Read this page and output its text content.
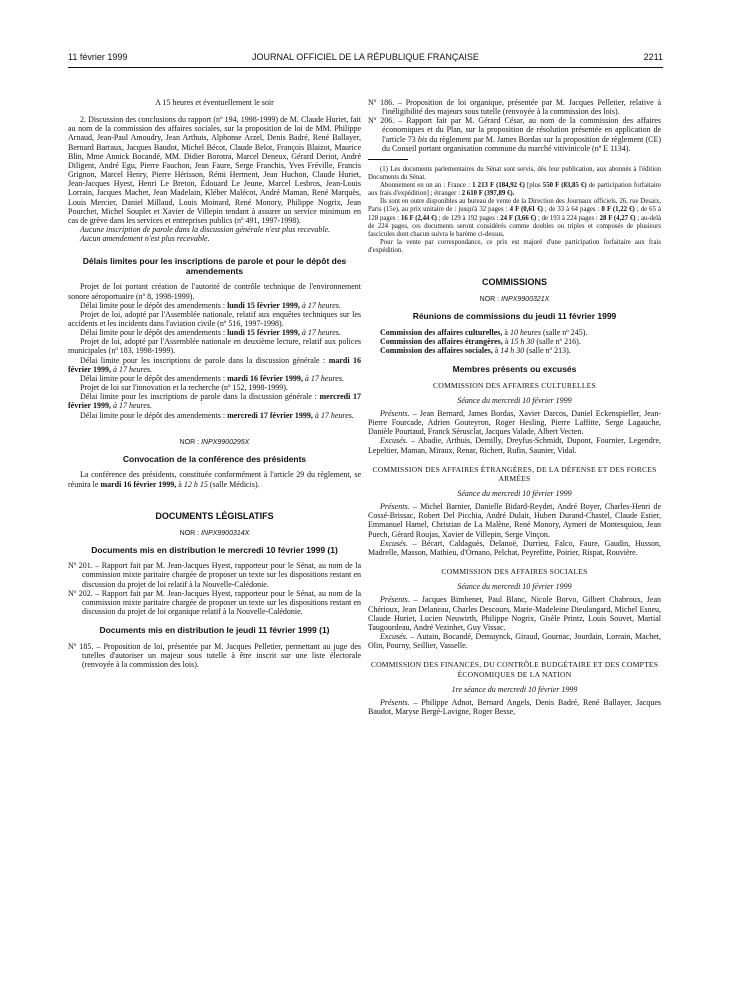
11 février 1999	JOURNAL OFFICIEL DE LA RÉPUBLIQUE FRANÇAISE	2211

A 15 heures et éventuellement le soir

2. Discussion des conclusions du rapport (nº 194, 1998-1999) de M. Claude Huriet, fait au nom de la commission des affaires sociales, sur la proposition de loi de MM. Philippe Arnaud, Jean-Paul Amoudry, Jean Arthuis, Alphonse Arzel, Denis Badré, René Ballayer, Bernard Barraux, Jacques Baudot, Michel Bécot, Claude Belot, François Blaizot, Maurice Blin, Mme Annick Bocandé, MM. Didier Borotra, Marcel Deneux, Gérard Deriot, André Diligent, André Egu, Pierre Fauchon, Jean Faure, Serge Franchis, Yves Fréville, Francis Grignon, Marcel Henry, Pierre Hérisson, Rémi Herment, Jean Huchon, Claude Huriet, Jean-Jacques Hyest, Henri Le Breton, Édouard Le Jeune, Marcel Lesbros, Jean-Louis Lorrain, Jacques Machet, Jean Madelain, Kléber Malécot, André Maman, René Marquès, Louis Mercier, Daniel Millaud, Louis Moinard, René Monory, Philippe Nogrix, Jean Pourchet, Michel Souplet et Xavier de Villepin tendant à assurer un service minimum en cas de grève dans les services et entreprises publics (nº 491, 1997-1998).

Aucune inscription de parole dans la discussion générale n'est plus recevable.

Aucun amendement n'est plus recevable.

Délais limites pour les inscriptions de parole et pour le dépôt des amendements

Projet de loi portant création de l'autorité de contrôle technique de l'environnement sonore aéroportuaire (nº 8, 1998-1999).

Délai limite pour le dépôt des amendements : lundi 15 février 1999, à 17 heures.

Projet de loi, adopté par l'Assemblée nationale, relatif aux enquêtes techniques sur les accidents et les incidents dans l'aviation civile (nº 516, 1997-1998).

Délai limite pour le dépôt des amendements : lundi 15 février 1999, à 17 heures.

Projet de loi, adopté par l'Assemblée nationale en deuxième lecture, relatif aux polices municipales (nº 183, 1998-1999).

Délai limite pour les inscriptions de parole dans la discussion générale : mardi 16 février 1999, à 17 heures.

Délai limite pour le dépôt des amendements : mardi 16 février 1999, à 17 heures.

Projet de loi sur l'innovation et la recherche (nº 152, 1998-1999).

Délai limite pour les inscriptions de parole dans la discussion générale : mercredi 17 février 1999, à 17 heures.

Délai limite pour le dépôt des amendements : mercredi 17 février 1999, à 17 heures.

NOR : INPX9900295X
Convocation de la conférence des présidents

La conférence des présidents, constituée conformément à l'article 29 du règlement, se réunira le mardi 16 février 1999, à 12 h 15 (salle Médicis).

DOCUMENTS LÉGISLATIFS
NOR : INPX9900314X
Documents mis en distribution le mercredi 10 février 1999 (1)

Nº 201. – Rapport fait par M. Jean-Jacques Hyest, rapporteur pour le Sénat, au nom de la commission mixte paritaire chargée de proposer un texte sur les dispositions restant en discussion du projet de loi relatif à la Nouvelle-Calédonie.

Nº 202. – Rapport fait par M. Jean-Jacques Hyest, rapporteur pour le Sénat, au nom de la commission mixte paritaire chargée de proposer un texte sur les dispositions restant en discussion du projet de loi organique relatif à la Nouvelle-Calédonie.

Documents mis en distribution le jeudi 11 février 1999 (1)

Nº 185. – Proposition de loi, présentée par M. Jacques Pelletier, permettant au juge des tutelles d'autoriser un majeur sous tutelle à être inscrit sur une liste électorale (renvoyée à la commission des lois).

Nº 186. – Proposition de loi organique, présentée par M. Jacques Pelletier, relative à l'inéligibilité des majeurs sous tutelle (renvoyée à la commission des lois).

Nº 206. – Rapport fait par M. Gérard César, au nom de la commission des affaires économiques et du Plan, sur la proposition de résolution présentée en application de l'article 73 bis du règlement par M. James Bordas sur la proposition de règlement (CE) du Conseil portant organisation commune du marché vitivinicole (nº E 1134).

(1) Les documents parlementaires du Sénat sont servis, dès leur publication, aux abonnés à l'édition Documents du Sénat.

Abonnement en un an : France : 1 213 F (184,92 €) [plus 550 F (83,85 €) de participation forfaitaire aux frais d'expédition] ; étranger : 2 610 F (397,89 €).

Ils sont en outre disponibles au bureau de vente de la Direction des Journaux officiels, 26, rue Desaix, Paris (15e), au prix unitaire de : jusqu'à 32 pages : 4 F (0,61 €) ; de 33 à 64 pages : 8 F (1,22 €) ; de 65 à 128 pages : 16 F (2,44 €) ; de 129 à 192 pages : 24 F (3,66 €) ; de 193 à 224 pages : 28 F (4,27 €) ; au-delà de 224 pages, ces documents seront considérés comme doubles ou triples et composés de plusieurs fascicules dont chacun suivra le barème ci-dessus.

Pour la vente par correspondance, ce prix est majoré d'une participation forfaitaire aux frais d'expédition.

COMMISSIONS
NOR : INPX9900321X
Réunions de commissions du jeudi 11 février 1999

Commission des affaires culturelles, à 10 heures (salle nº 245).

Commission des affaires étrangères, à 15 h 30 (salle nº 216).

Commission des affaires sociales, à 14 h 30 (salle nº 213).

Membres présents ou excusés
COMMISSION DES AFFAIRES CULTURELLES

Séance du mercredi 10 février 1999

Présents. – Jean Bernard, James Bordas, Xavier Darcos, Daniel Eckenspieller, Jean-Pierre Fourcade, Adrien Gouteyron, Roger Hesling, Pierre Laffitte, Serge Lagauche, Danièle Pourtaud, Franck Sérusclat, Jacques Valade, Albert Vecten.

Excusés. – Abadie, Arthuis, Demilly, Dreyfus-Schmidt, Dupont, Fournier, Legendre, Lepeltier, Maman, Miraux, Renar, Richert, Rufin, Saunier, Vidal.

COMMISSION DES AFFAIRES ÉTRANGÈRES, DE LA DÉFENSE ET DES FORCES ARMÉES

Séance du mercredi 10 février 1999

Présents. – Michel Barnier, Danielle Bidard-Reydet, André Boyer, Charles-Henri de Cossé-Brissac, Robert Del Picchia, André Dulait, Hubert Durand-Chastel, Claude Estier, Emmanuel Hamel, Christian de La Malène, René Monory, Aymeri de Montesquiou, Jean Puech, Gérard Roujas, Xavier de Villepin, Serge Vinçon.

Excusés. – Bécart, Caldaguès, Delanoë, Durrieu, Falco, Faure, Gaudin, Husson, Madrelle, Masson, Mathieu, d'Ornano, Pelchat, Peyrefitte, Poirier, Rispat, Rouvière.

COMMISSION DES AFFAIRES SOCIALES

Séance du mercredi 10 février 1999

Présents. – Jacques Bimbenet, Paul Blanc, Nicole Borvo, Gilbert Chabroux, Jean Chérioux, Jean Delaneau, Charles Descours, Marie-Madeleine Dieulangard, Michel Esneu, Claude Huriet, Lucien Neuwirth, Philippe Nogrix, Gisèle Printz, Louis Souvet, Martial Taugourdeau, André Vezinhet, Guy Vissac.

Excusés. – Autain, Bocandé, Demuynck, Giraud, Gournac, Jourdain, Lorrain, Machet, Olin, Pourny, Seillier, Vasselle.

COMMISSION DES FINANCES, DU CONTRÔLE BUDGÉTAIRE ET DES COMPTES ÉCONOMIQUES DE LA NATION

1re séance du mercredi 10 février 1999

Présents. – Philippe Adnot, Bernard Angels, Denis Badré, René Ballayer, Jacques Baudot, Maryse Bergé-Lavigne, Roger Besse,
